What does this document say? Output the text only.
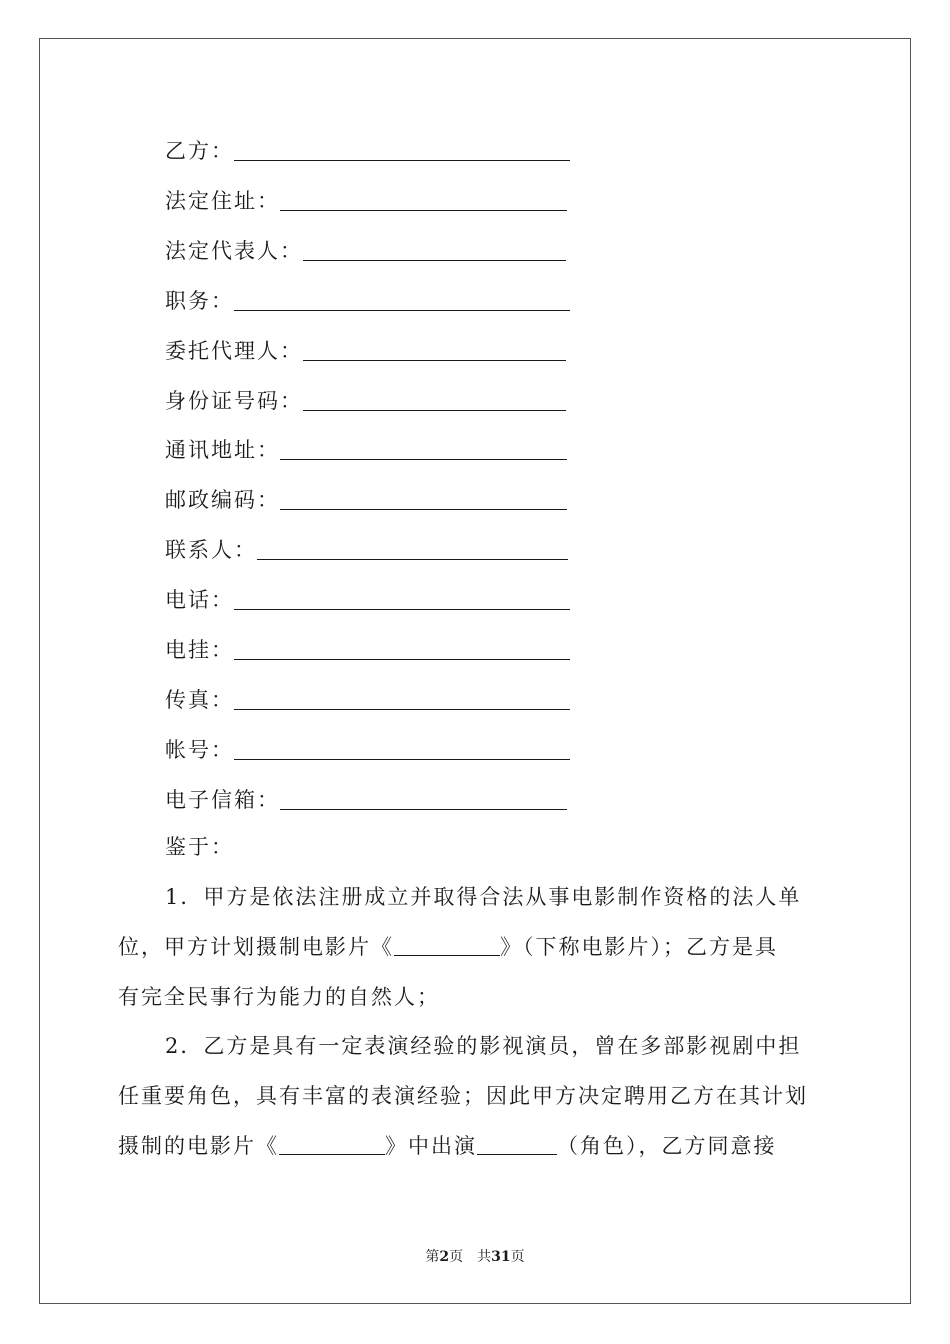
乙方：
法定住址：
法定代表人：
职务：
委托代理人：
身份证号码：
通讯地址：
邮政编码：
联系人：
电话：
电挂：
传真：
帐号：
电子信箱：
鉴于：
1．甲方是依法注册成立并取得合法从事电影制作资格的法人单
位，甲方计划摄制电影片《	》（下称电影片）；乙方是具
有完全民事行为能力的自然人；
2．乙方是具有一定表演经验的影视演员，曾在多部影视剧中担
任重要角色，具有丰富的表演经验；因此甲方决定聘用乙方在其计划
摄制的电影片《	》中出演	（角色），乙方同意接
第2页　共31页
